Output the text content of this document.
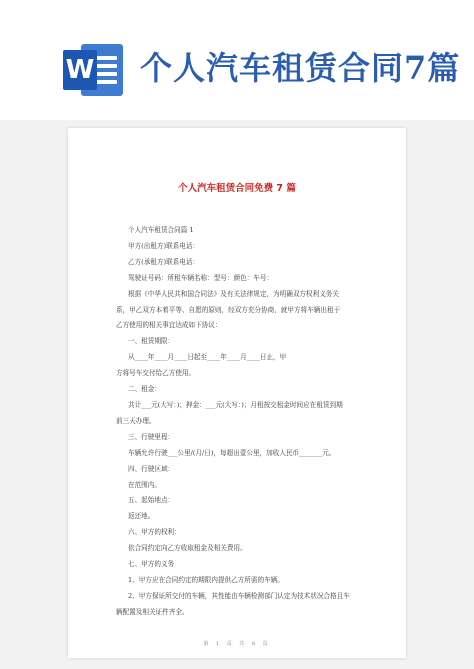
W 个人汽车租赁合同7篇
个人汽车租赁合同免费 7 篇
个人汽车租赁合同篇 1
甲方(出租方)联系电话：
乙方(承租方)联系电话：
驾驶证号码：所租车辆名称：型号：颜色：车号：
根据《中华人民共和国合同法》及有关法律规定，为明确双方权利义务关
系，甲乙双方本着平等、自愿的原则，经双方充分协商，就甲方将车辆出租于
乙方使用的相关事宜达成如下协议：
一、租赁期限：
从____年____月____日起至____年____月____日止，甲
方将号车交付给乙方使用。
二、租金：
共计___元(大写：)；押金：___元(大写：)；月租按交租金时间应在租赁到期
前三天办理。
三、行驶里程：
车辆允许行驶___公里/(月/日)，每超出壹公里，加收人民币_______元。
四、行驶区域：
在范围内。
五、起始地点：
返还地。
六、甲方的权利：
依合同约定向乙方收取租金及相关费用。
七、甲方的义务
1、甲方应在合同约定的期限内提供乙方所需的车辆。
2、甲方保证所交付的车辆，其性能由车辆检测部门认定为技术状况合格且车
辆配置及相关证件齐全。
第 1 页 共 8 页
